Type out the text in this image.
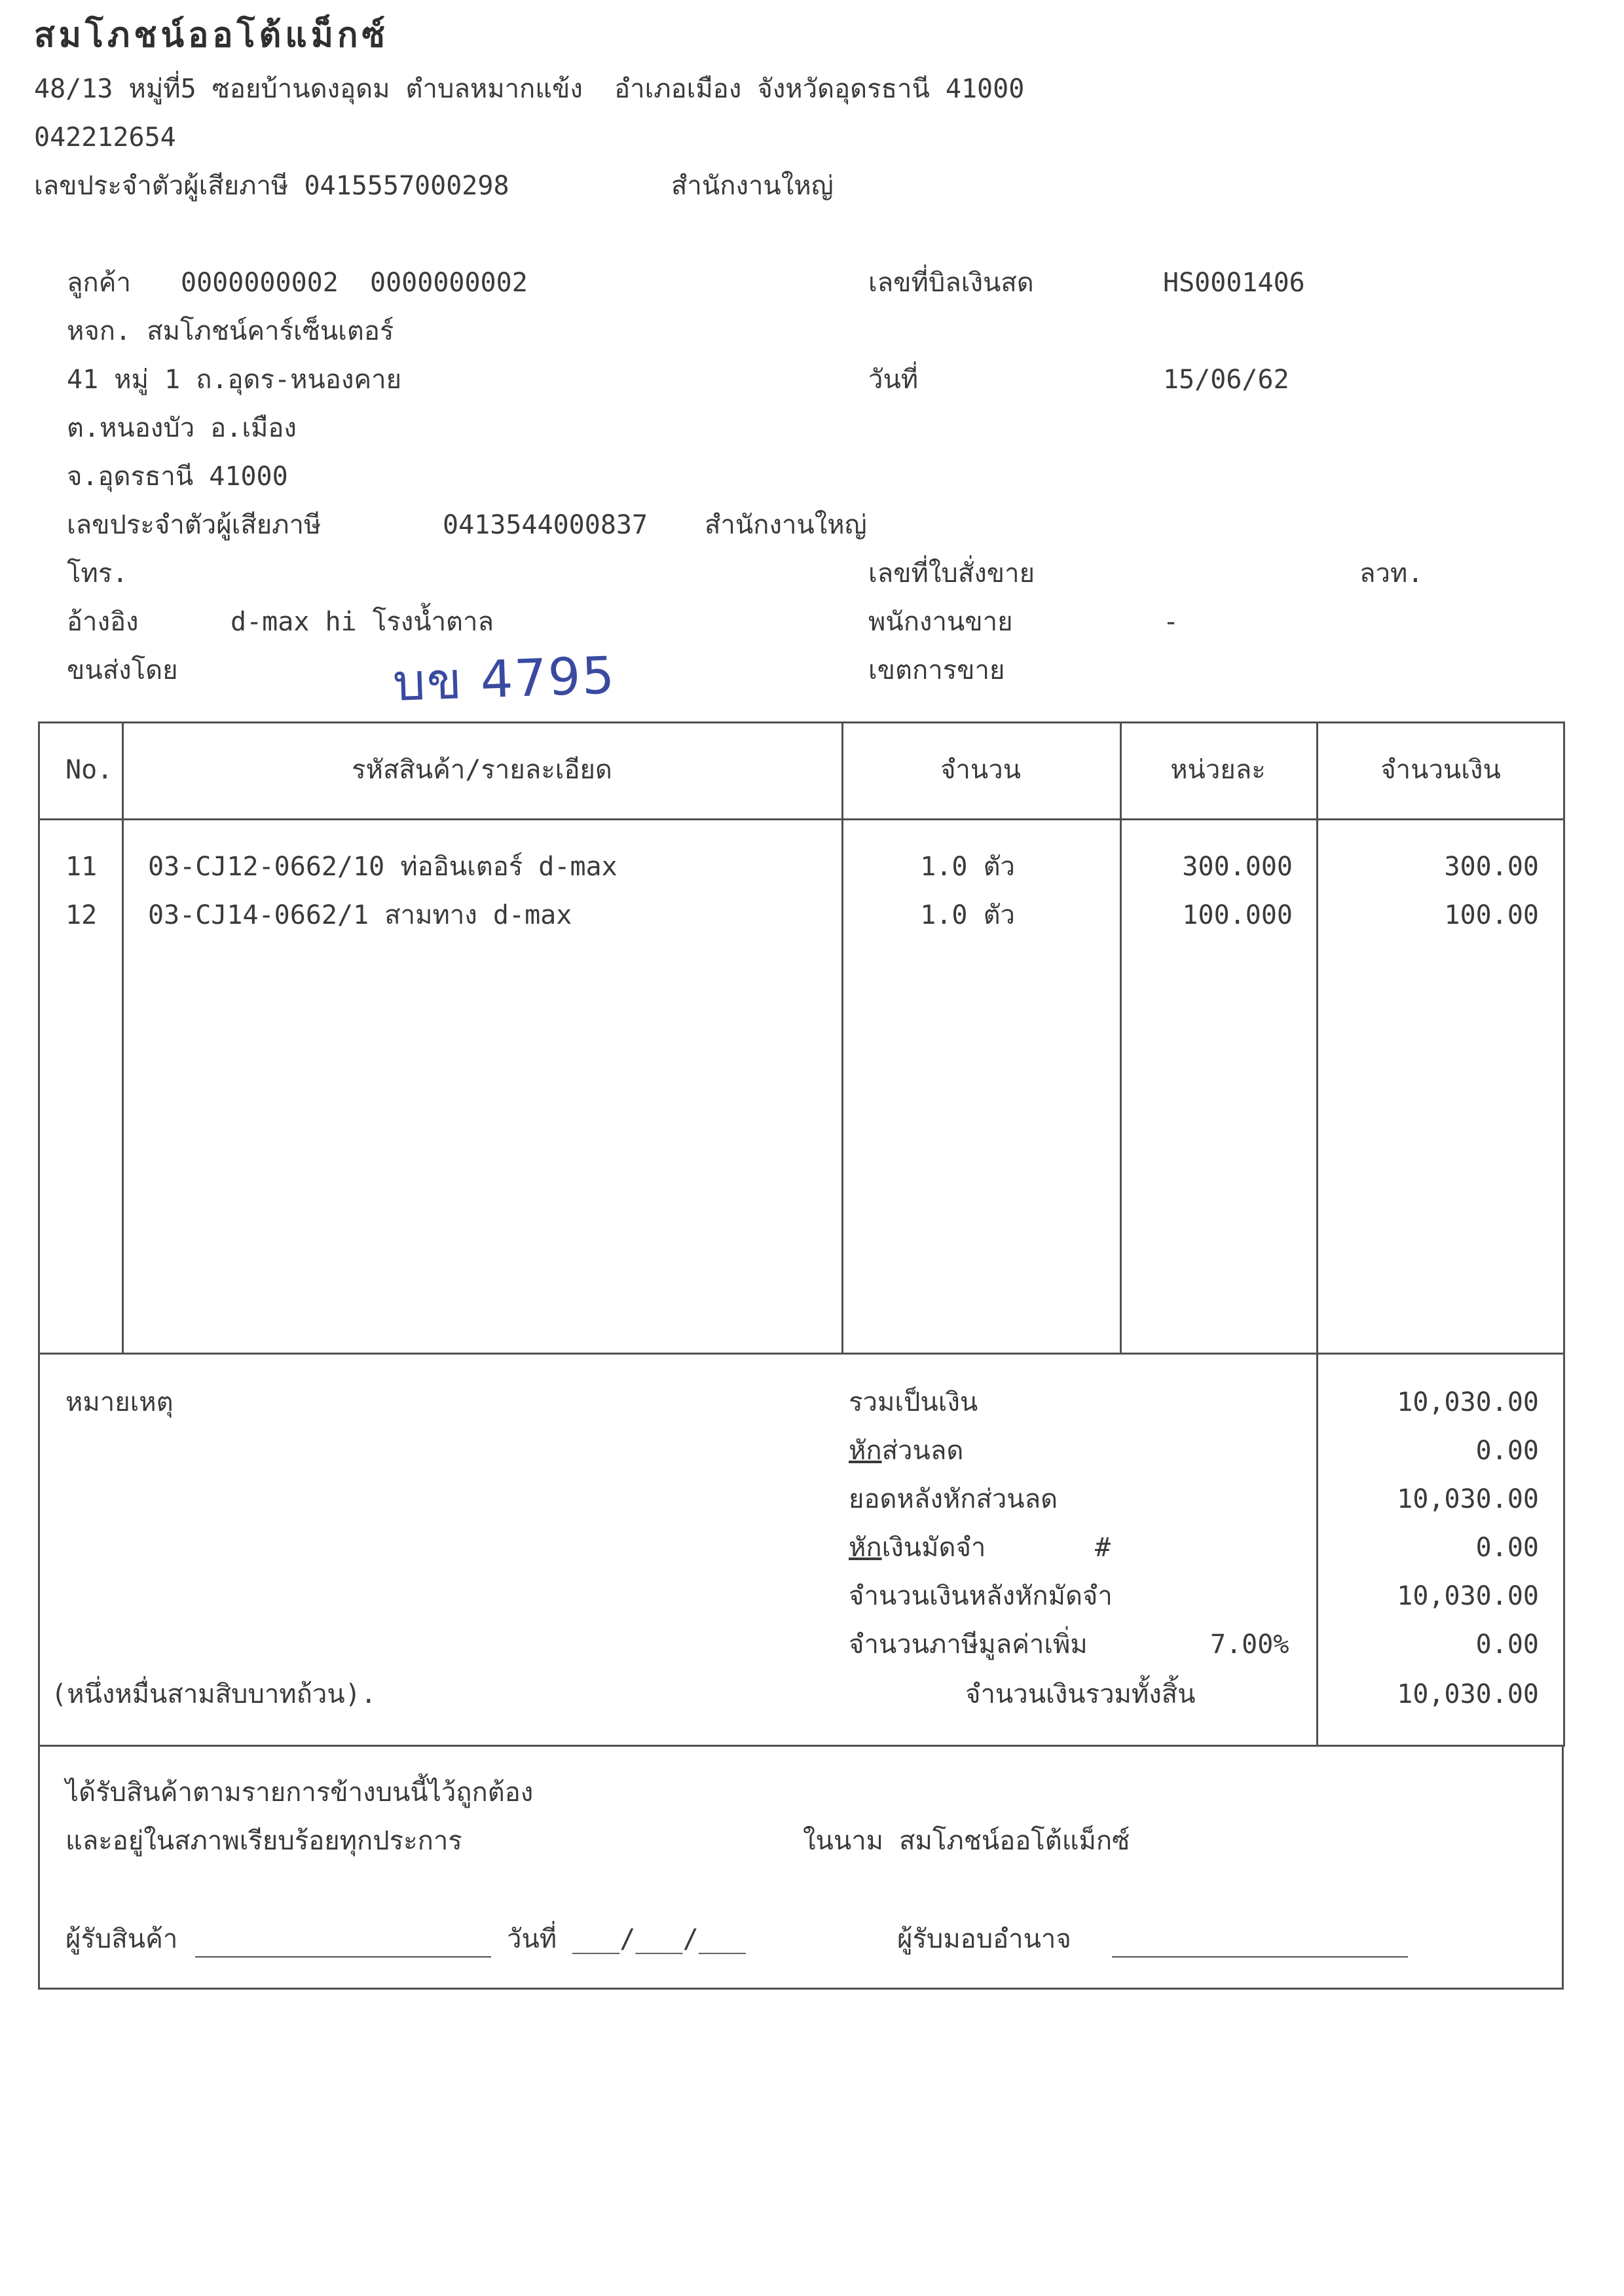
สมโภชน์ออโต้แม็กซ์
48/13 หมู่ที่5 ซอยบ้านดงอุดม ตำบลหมากแข้ง  อำเภอเมือง จังหวัดอุดรธานี 41000
042212654
เลขประจำตัวผู้เสียภาษี 0415557000298	สำนักงานใหญ่
ลูกค้า 0000000002  0000000002
หจก. สมโภชน์คาร์เซ็นเตอร์
41 หมู่ 1 ถ.อุดร-หนองคาย
ต.หนองบัว อ.เมือง
จ.อุดรธานี 41000
เลขประจำตัวผู้เสียภาษี	0413544000837 สำนักงานใหญ่
โทร.
อ้างอิง	d-max hi โรงน้ำตาล
ขนส่งโดย	บข 4795
เลขที่บิลเงินสด	HS0001406
วันที่	15/06/62
เลขที่ใบสั่งขาย	ลวท.
พนักงานขาย	-
เขตการขาย
No.	รหัสสินค้า/รายละเอียด	จำนวน	หน่วยละ	จำนวนเงิน
11 03-CJ12-0662/10 ท่ออินเตอร์ d-max	1.0 ตัว	300.000	300.00
12 03-CJ14-0662/1 สามทาง d-max	1.0 ตัว	100.000	100.00
หมายเหตุ
(หนึ่งหมื่นสามสิบบาทถ้วน).
รวมเป็นเงิน	10,030.00
หักส่วนลด	0.00
ยอดหลังหักส่วนลด	10,030.00
หักเงินมัดจำ	#	0.00
จำนวนเงินหลังหักมัดจำ	10,030.00
จำนวนภาษีมูลค่าเพิ่ม	7.00%	0.00
จำนวนเงินรวมทั้งสิ้น	10,030.00
ได้รับสินค้าตามรายการข้างบนนี้ไว้ถูกต้อง
และอยู่ในสภาพเรียบร้อยทุกประการ	ในนาม สมโภชน์ออโต้แม็กซ์
ผู้รับสินค้า	วันที่ ___/___/___	ผู้รับมอบอำนาจ
